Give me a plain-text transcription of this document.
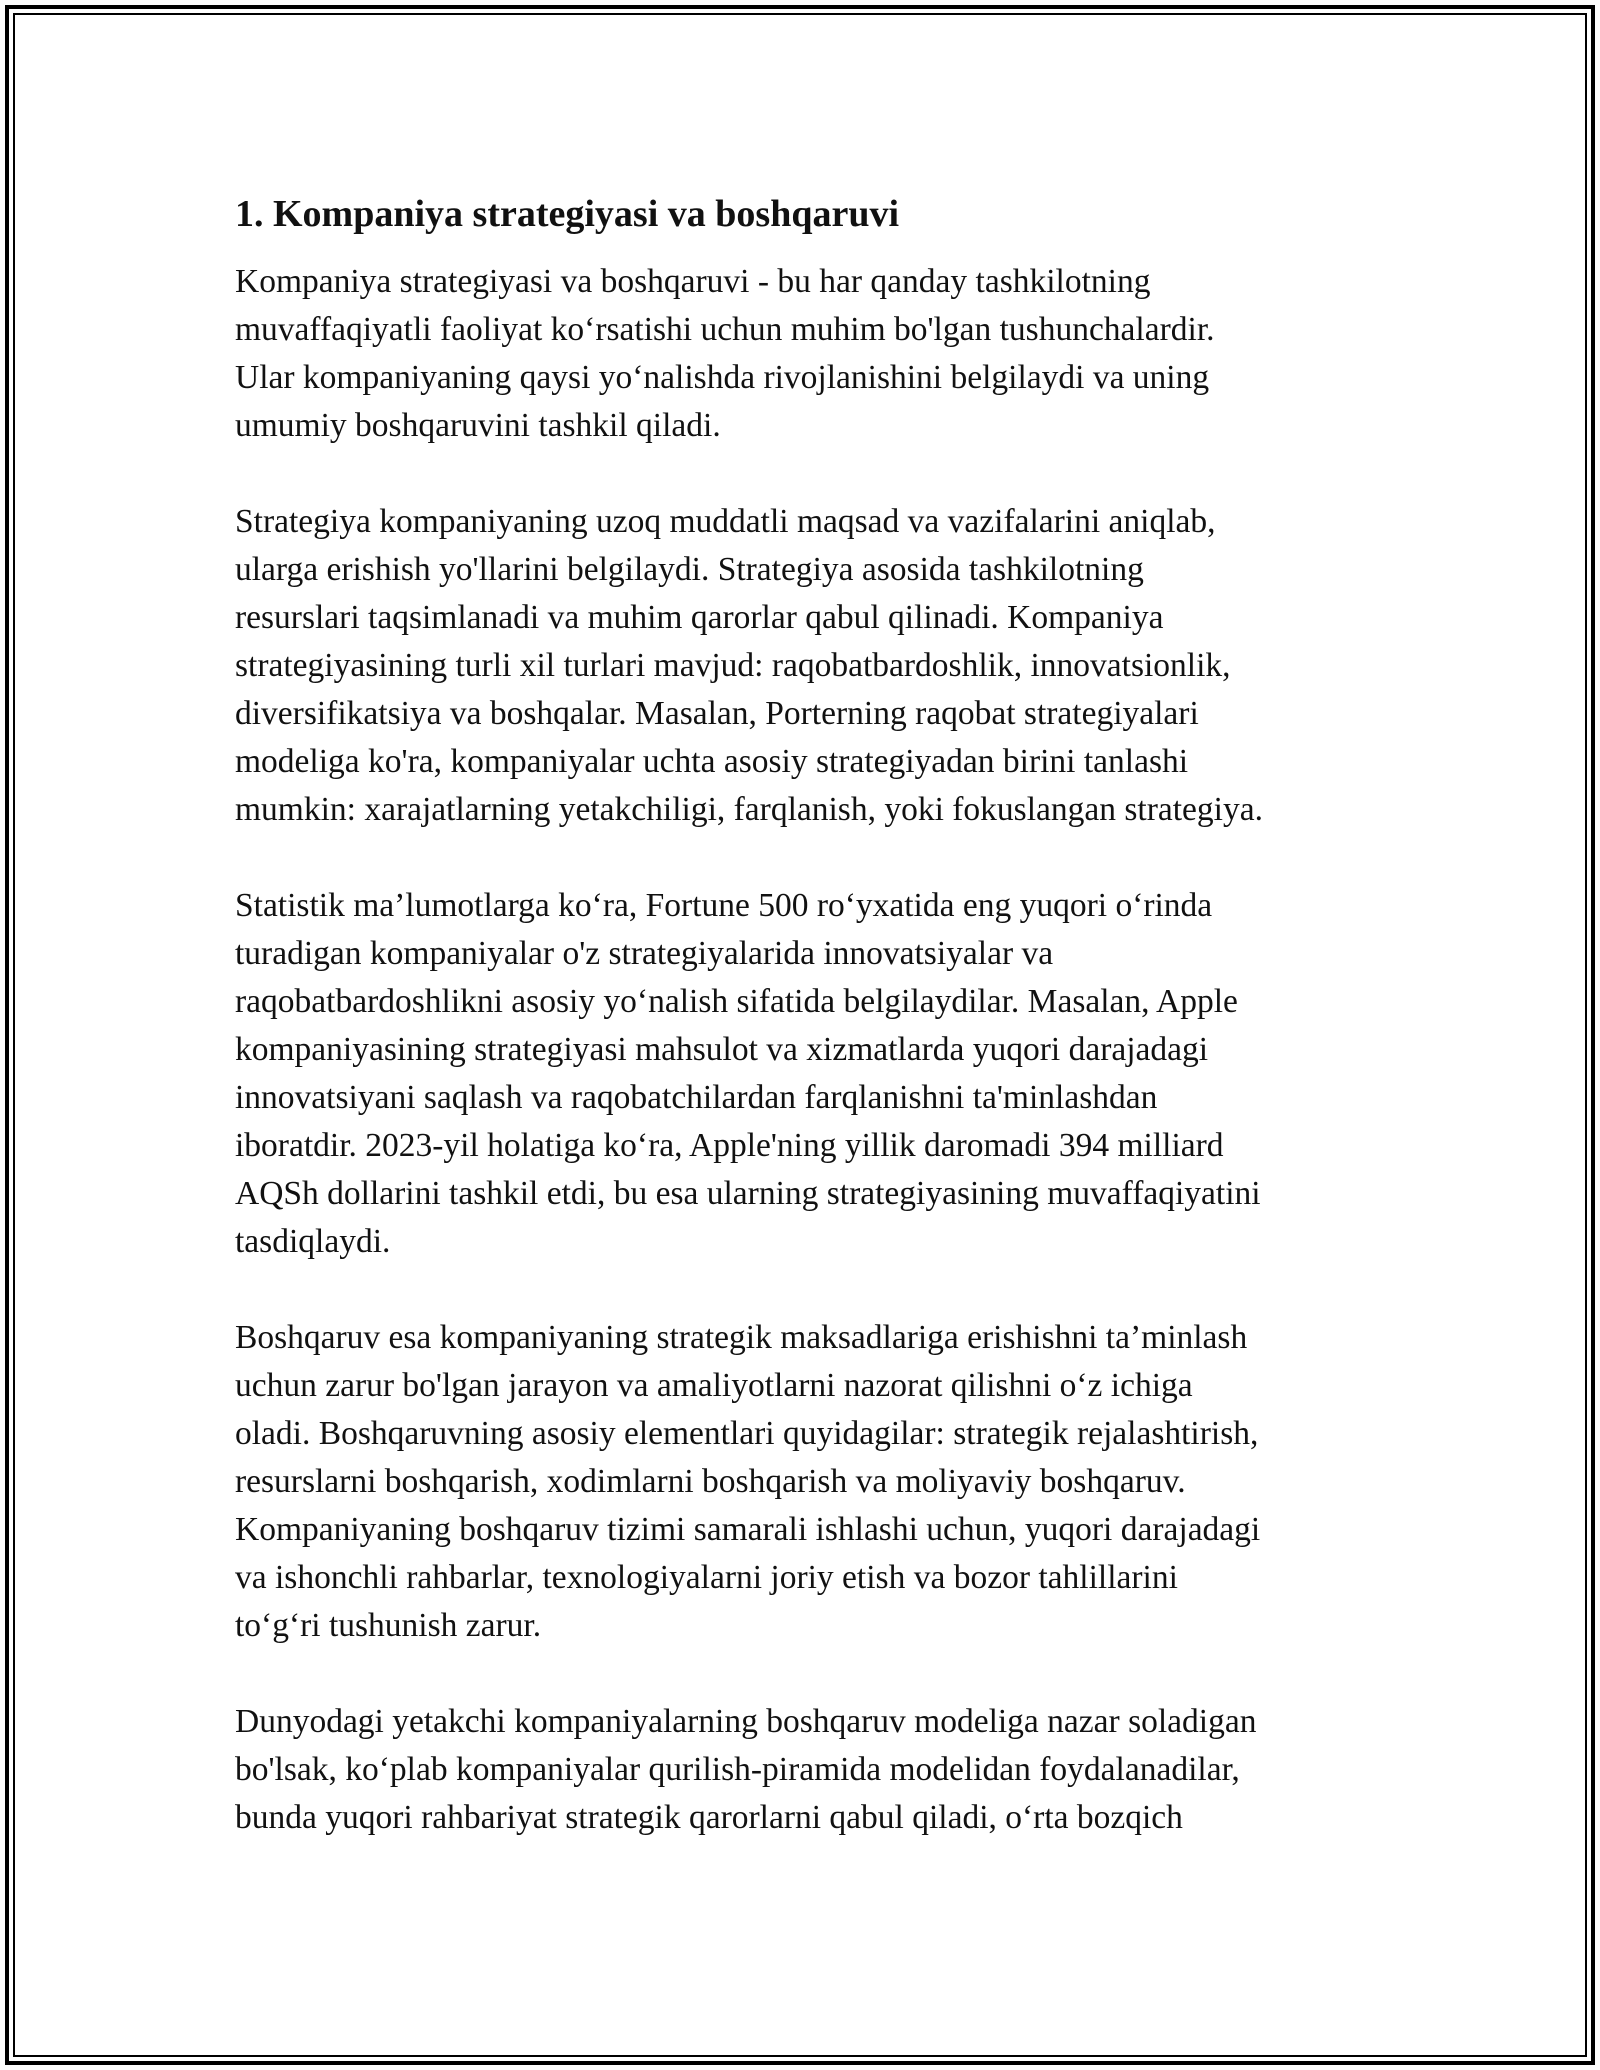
1. Kompaniya strategiyasi va boshqaruvi

Kompaniya strategiyasi va boshqaruvi - bu har qanday tashkilotning
muvaffaqiyatli faoliyat ko‘rsatishi uchun muhim bo'lgan tushunchalardir.
Ular kompaniyaning qaysi yo‘nalishda rivojlanishini belgilaydi va uning
umumiy boshqaruvini tashkil qiladi.

Strategiya kompaniyaning uzoq muddatli maqsad va vazifalarini aniqlab,
ularga erishish yo'llarini belgilaydi. Strategiya asosida tashkilotning
resurslari taqsimlanadi va muhim qarorlar qabul qilinadi. Kompaniya
strategiyasining turli xil turlari mavjud: raqobatbardoshlik, innovatsionlik,
diversifikatsiya va boshqalar. Masalan, Porterning raqobat strategiyalari
modeliga ko'ra, kompaniyalar uchta asosiy strategiyadan birini tanlashi
mumkin: xarajatlarning yetakchiligi, farqlanish, yoki fokuslangan strategiya.

Statistik ma’lumotlarga ko‘ra, Fortune 500 ro‘yxatida eng yuqori o‘rinda
turadigan kompaniyalar o'z strategiyalarida innovatsiyalar va
raqobatbardoshlikni asosiy yo‘nalish sifatida belgilaydilar. Masalan, Apple
kompaniyasining strategiyasi mahsulot va xizmatlarda yuqori darajadagi
innovatsiyani saqlash va raqobatchilardan farqlanishni ta'minlashdan
iboratdir. 2023-yil holatiga ko‘ra, Apple'ning yillik daromadi 394 milliard
AQSh dollarini tashkil etdi, bu esa ularning strategiyasining muvaffaqiyatini
tasdiqlaydi.

Boshqaruv esa kompaniyaning strategik maksadlariga erishishni ta’minlash
uchun zarur bo'lgan jarayon va amaliyotlarni nazorat qilishni o‘z ichiga
oladi. Boshqaruvning asosiy elementlari quyidagilar: strategik rejalashtirish,
resurslarni boshqarish, xodimlarni boshqarish va moliyaviy boshqaruv.
Kompaniyaning boshqaruv tizimi samarali ishlashi uchun, yuqori darajadagi
va ishonchli rahbarlar, texnologiyalarni joriy etish va bozor tahlillarini
to‘g‘ri tushunish zarur.

Dunyodagi yetakchi kompaniyalarning boshqaruv modeliga nazar soladigan
bo'lsak, ko‘plab kompaniyalar qurilish-piramida modelidan foydalanadilar,
bunda yuqori rahbariyat strategik qarorlarni qabul qiladi, o‘rta bozqich
